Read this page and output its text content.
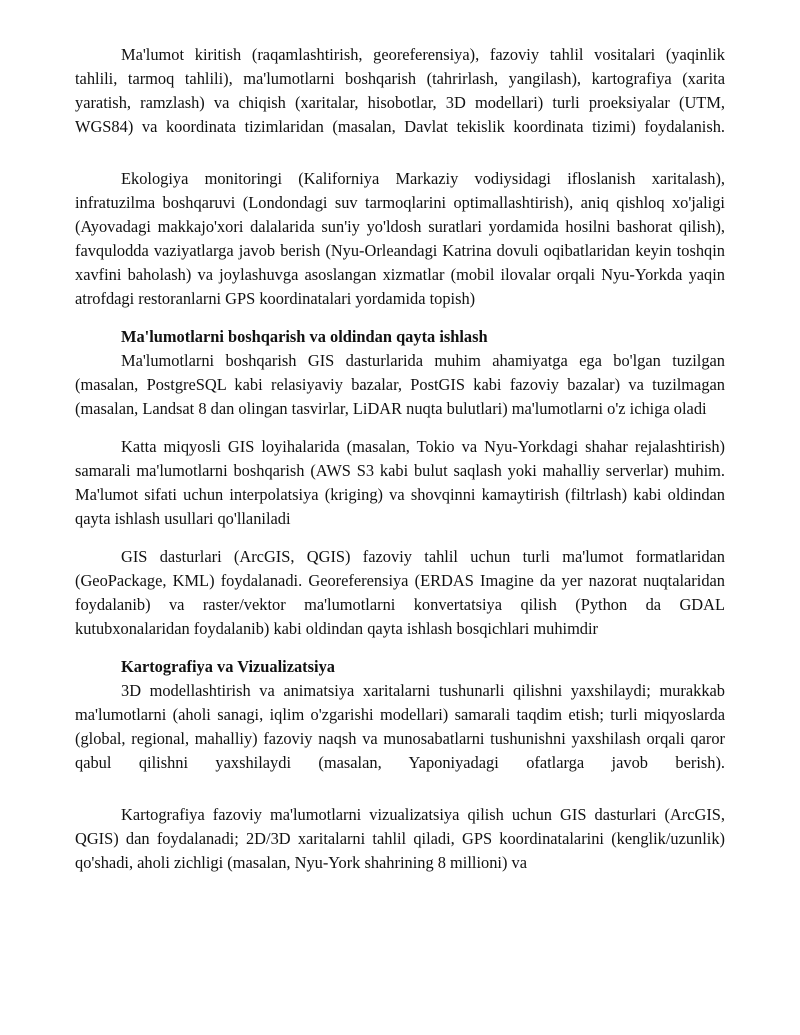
Ma'lumot kiritish (raqamlashtirish, georeferensiya), fazoviy tahlil vositalari (yaqinlik tahlili, tarmoq tahlili), ma'lumotlarni boshqarish (tahrirlash, yangilash), kartografiya (xarita yaratish, ramzlash) va chiqish (xaritalar, hisobotlar, 3D modellari) turli proeksiyalar (UTM, WGS84) va koordinata tizimlaridan (masalan, Davlat tekislik koordinata tizimi) foydalanish.

Ekologiya monitoringi (Kaliforniya Markaziy vodiysidagi ifloslanish xaritalash), infratuzilma boshqaruvi (Londondagi suv tarmoqlarini optimallashtirish), aniq qishloq xo'jaligi (Ayovadagi makkajo'xori dalalarida sun'iy yo'ldosh suratlari yordamida hosilni bashorat qilish), favqulodda vaziyatlarga javob berish (Nyu-Orleandagi Katrina dovuli oqibatlaridan keyin toshqin xavfini baholash) va joylashuvga asoslangan xizmatlar (mobil ilovalar orqali Nyu-Yorkda yaqin atrofdagi restoranlarni GPS koordinatalari yordamida topish)

Ma'lumotlarni boshqarish va oldindan qayta ishlash

Ma'lumotlarni boshqarish GIS dasturlarida muhim ahamiyatga ega bo'lgan tuzilgan (masalan, PostgreSQL kabi relasiyaviy bazalar, PostGIS kabi fazoviy bazalar) va tuzilmagan (masalan, Landsat 8 dan olingan tasvirlar, LiDAR nuqta bulutlari) ma'lumotlarni o'z ichiga oladi

Katta miqyosli GIS loyihalarida (masalan, Tokio va Nyu-Yorkdagi shahar rejalashtirish) samarali ma'lumotlarni boshqarish (AWS S3 kabi bulut saqlash yoki mahalliy serverlar) muhim. Ma'lumot sifati uchun interpolatsiya (kriging) va shovqinni kamaytirish (filtrlash) kabi oldindan qayta ishlash usullari qo'llaniladi

GIS dasturlari (ArcGIS, QGIS) fazoviy tahlil uchun turli ma'lumot formatlaridan (GeoPackage, KML) foydalanadi. Georeferensiya (ERDAS Imagine da yer nazorat nuqtalaridan foydalanib) va raster/vektor ma'lumotlarni konvertatsiya qilish (Python da GDAL kutubxonalaridan foydalanib) kabi oldindan qayta ishlash bosqichlari muhimdir

Kartografiya va Vizualizatsiya

3D modellashtirish va animatsiya xaritalarni tushunarli qilishni yaxshilaydi; murakkab ma'lumotlarni (aholi sanagi, iqlim o'zgarishi modellari) samarali taqdim etish; turli miqyoslarda (global, regional, mahalliy) fazoviy naqsh va munosabatlarni tushunishni yaxshilash orqali qaror qabul qilishni yaxshilaydi (masalan, Yaponiyadagi ofatlarga javob berish).

Kartografiya fazoviy ma'lumotlarni vizualizatsiya qilish uchun GIS dasturlari (ArcGIS, QGIS) dan foydalanadi; 2D/3D xaritalarni tahlil qiladi, GPS koordinatalarini (kenglik/uzunlik) qo'shadi, aholi zichligi (masalan, Nyu-York shahrining 8 millioni) va
